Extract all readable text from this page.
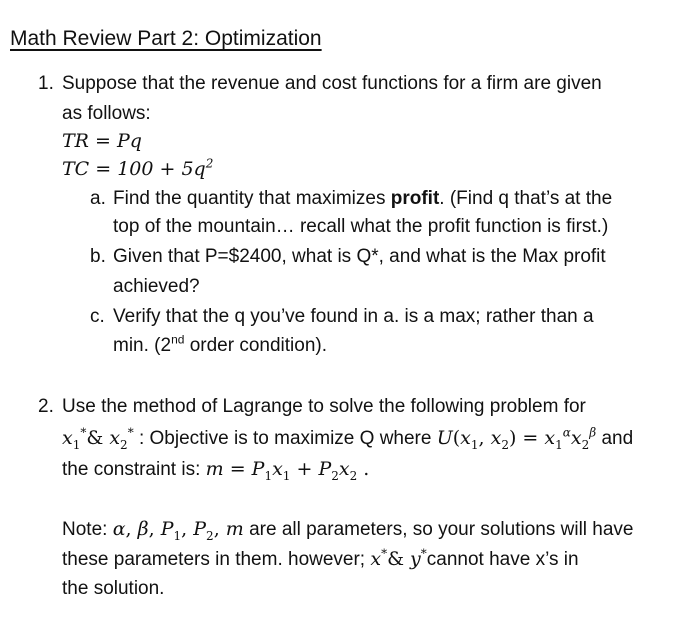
Math Review Part 2: Optimization
1. Suppose that the revenue and cost functions for a firm are given
as follows:
TR = Pq
TC = $100 + 5q^2$
a. Find the quantity that maximizes profit. (Find q that’s at the
top of the mountain… recall what the profit function is first.)
b. Given that P=$2400, what is Q*, and what is the Max profit
achieved?
c. Verify that the q you’ve found in a. is a max; rather than a
min. (2nd order condition).
2. Use the method of Lagrange to solve the following problem for
$x_1^*\&$ $x_2^*$ : Objective is to maximize Q where $U(x_1$, $x_2) = x_1^\alpha x_2^\beta$ and
the constraint is: $m = P_1x_1 + P_2x_2$ .
Note: α, β, $P_1$, $P_2$, m are all parameters, so your solutions will have
these parameters in them. however; x*& y*cannot have x’s in
the solution.
